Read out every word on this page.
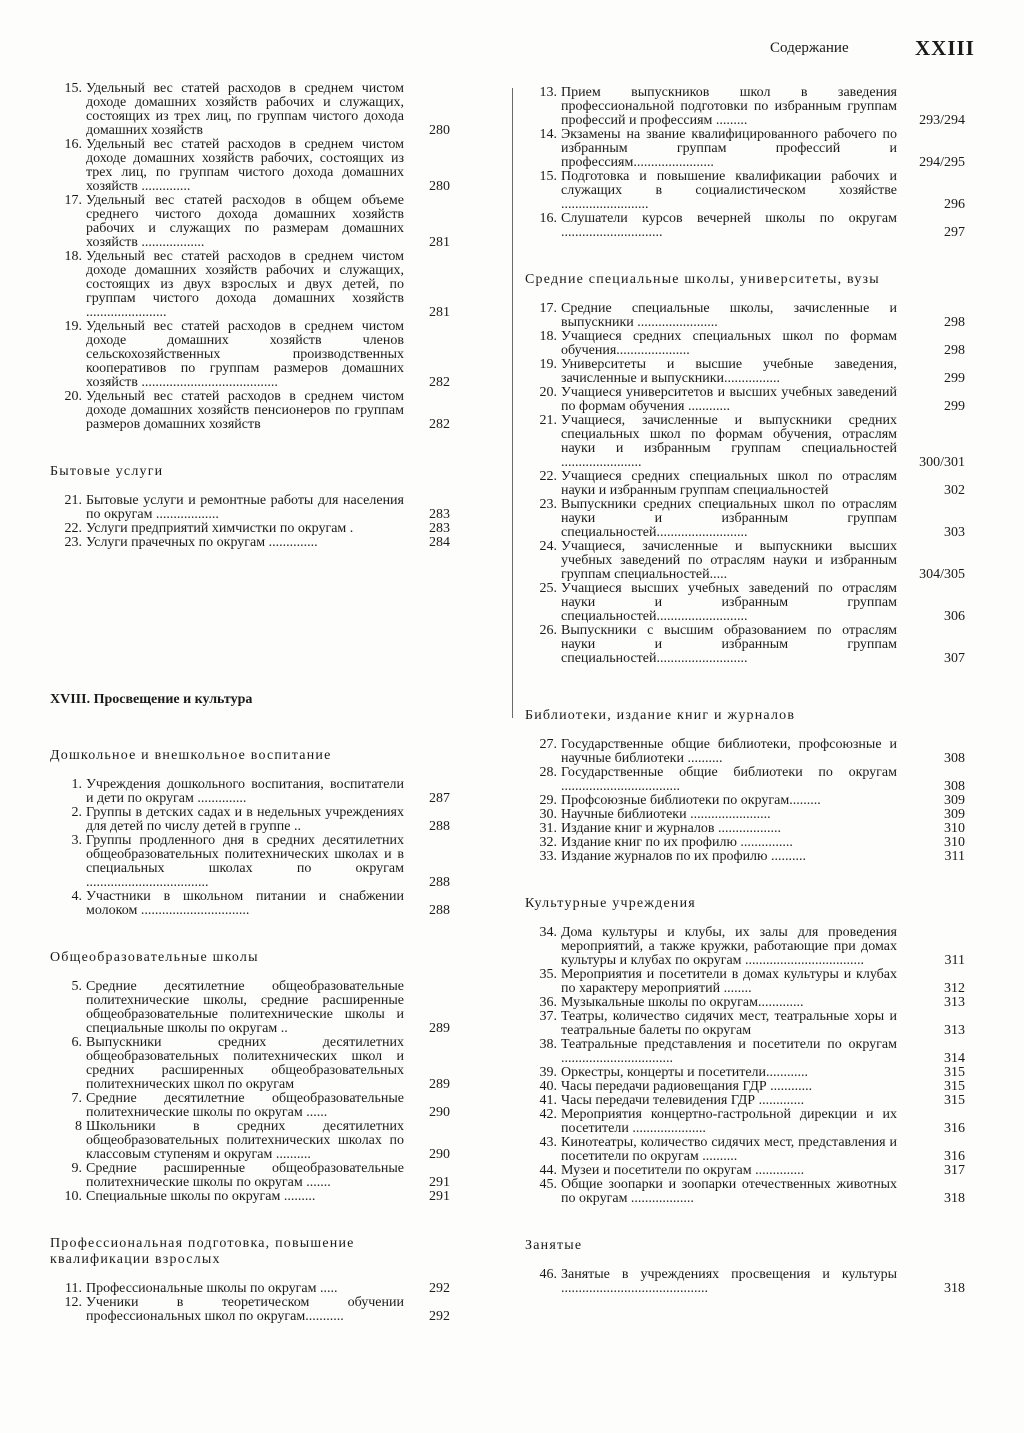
Содержание	XXIII
15. Удельный вес статей расходов в среднем чистом доходе домашних хозяйств рабочих и служащих, состоящих из трех лиц, по группам чистого дохода домашних хозяйств	280
16. Удельный вес статей расходов в среднем чистом доходе домашних хозяйств рабочих, состоящих из трех лиц, по группам чистого дохода домашних хозяйств ..............	280
17. Удельный вес статей расходов в общем объеме среднего чистого дохода домашних хозяйств рабочих и служащих по размерам домашних хозяйств ..................	281
18. Удельный вес статей расходов в среднем чистом доходе домашних хозяйств рабочих и служащих, состоящих из двух взрослых и двух детей, по группам чистого дохода домашних хозяйств .......................	281
19. Удельный вес статей расходов в среднем чистом доходе домашних хозяйств членов сельскохозяйственных производственных кооперативов по группам размеров домашних хозяйств .......................................	282
20. Удельный вес статей расходов в среднем чистом доходе домашних хозяйств пенсионеров по группам размеров домашних хозяйств	282
Бытовые услуги
21. Бытовые услуги и ремонтные работы для населения по округам ..................	283
22. Услуги предприятий химчистки по округам .	283
23. Услуги прачечных по округам ..............	284
XVIII. Просвещение и культура
Дошкольное и внешкольное воспитание
1. Учреждения дошкольного воспитания, воспитатели и дети по округам ..............	287
2. Группы в детских садах и в недельных учреждениях для детей по числу детей в группе ..	288
3. Группы продленного дня в средних десятилетних общеобразовательных политехнических школах и в специальных школах по округам ...................................	288
4. Участники в школьном питании и снабжении молоком ...............................	288
Общеобразовательные школы
5. Средние десятилетние общеобразовательные политехнические школы, средние расширенные общеобразовательные политехнические школы и специальные школы по округам ..	289
6. Выпускники средних десятилетних общеобразовательных политехнических школ и средних расширенных общеобразовательных политехнических школ по округам	289
7. Средние десятилетние общеобразовательные политехнические школы по округам ......	290
8 Школьники в средних десятилетних общеобразовательных политехнических школах по классовым ступеням и округам ..........	290
9. Средние расширенные общеобразовательные политехнические школы по округам .......	291
10. Специальные школы по округам .........	291
Профессиональная подготовка, повышение квалификации взрослых
11. Профессиональные школы по округам .....	292
12. Ученики в теоретическом обучении профессиональных школ по округам...........	292
13. Прием выпускников школ в заведения профессиональной подготовки по избранным группам профессий и профессиям .........	293/294
14. Экзамены на звание квалифицированного рабочего по избранным группам профессий и профессиям.......................	294/295
15. Подготовка и повышение квалификации рабочих и служащих в социалистическом хозяйстве .........................	296
16. Слушатели курсов вечерней школы по округам .............................	297
Средние специальные школы, университеты, вузы
17. Средние специальные школы, зачисленные и выпускники .......................	298
18. Учащиеся средних специальных школ по формам обучения.....................	298
19. Университеты и высшие учебные заведения, зачисленные и выпускники................	299
20. Учащиеся университетов и высших учебных заведений по формам обучения ............	299
21. Учащиеся, зачисленные и выпускники средних специальных школ по формам обучения, отраслям науки и избранным группам специальностей .......................	300/301
22. Учащиеся средних специальных школ по отраслям науки и избранным группам специальностей	302
23. Выпускники средних специальных школ по отраслям науки и избранным группам специальностей..........................	303
24. Учащиеся, зачисленные и выпускники высших учебных заведений по отраслям науки и избранным группам специальностей.....	304/305
25. Учащиеся высших учебных заведений по отраслям науки и избранным группам специальностей..........................	306
26. Выпускники с высшим образованием по отраслям науки и избранным группам специальностей..........................	307
Библиотеки, издание книг и журналов
27. Государственные общие библиотеки, профсоюзные и научные библиотеки ..........	308
28. Государственные общие библиотеки по округам ..................................	308
29. Профсоюзные библиотеки по округам.........	309
30. Научные библиотеки .......................	309
31. Издание книг и журналов ..................	310
32. Издание книг по их профилю ...............	310
33. Издание журналов по их профилю ..........	311
Культурные учреждения
34. Дома культуры и клубы, их залы для проведения мероприятий, а также кружки, работающие при домах культуры и клубах по округам ..................................	311
35. Мероприятия и посетители в домах культуры и клубах по характеру мероприятий ........	312
36. Музыкальные школы по округам.............	313
37. Театры, количество сидячих мест, театральные хоры и театральные балеты по округам	313
38. Театральные представления и посетители по округам ................................	314
39. Оркестры, концерты и посетители............	315
40. Часы передачи радиовещания ГДР ............	315
41. Часы передачи телевидения ГДР .............	315
42. Мероприятия концертно-гастрольной дирекции и их посетители .....................	316
43. Кинотеатры, количество сидячих мест, представления и посетители по округам ..........	316
44. Музеи и посетители по округам ..............	317
45. Общие зоопарки и зоопарки отечественных животных по округам ..................	318
Занятые
46. Занятые в учреждениях просвещения и культуры ..........................................	318
